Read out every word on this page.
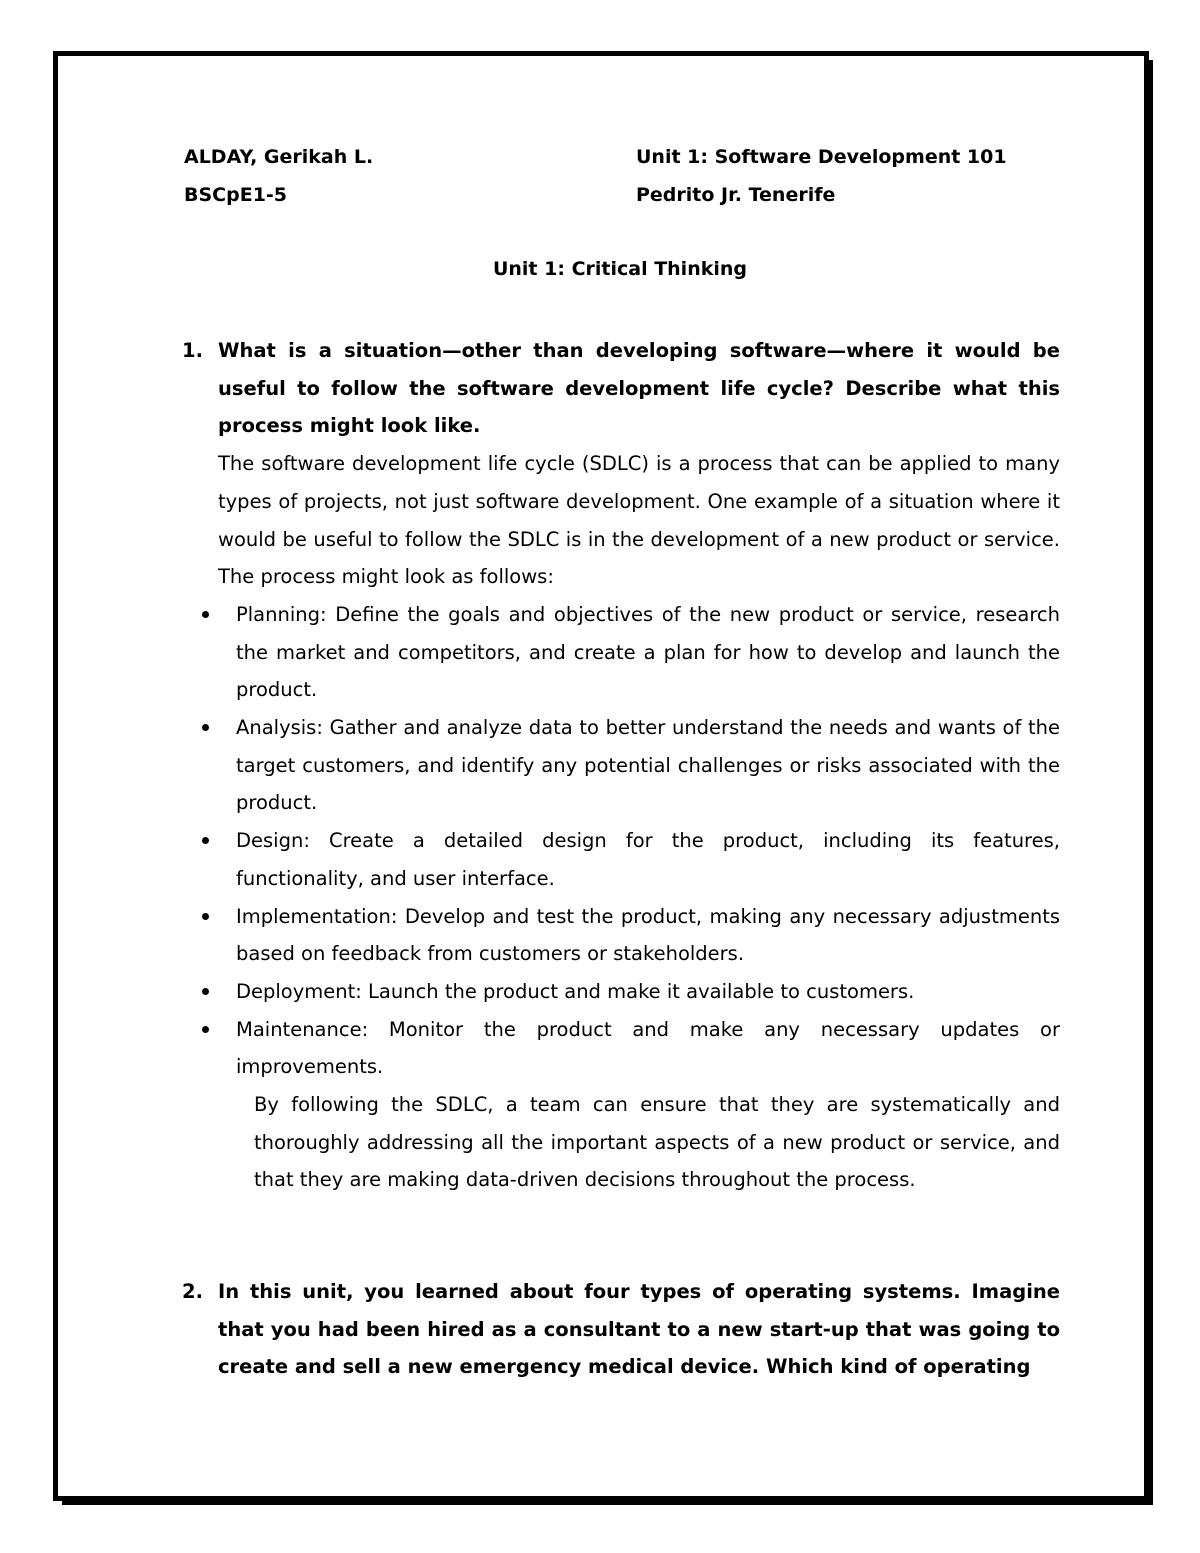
ALDAY, Gerikah L.
BSCpE1-5
Unit 1: Software Development 101
Pedrito Jr. Tenerife
Unit 1: Critical Thinking
1. What is a situation—other than developing software—where it would be useful to follow the software development life cycle? Describe what this process might look like.
The software development life cycle (SDLC) is a process that can be applied to many types of projects, not just software development. One example of a situation where it would be useful to follow the SDLC is in the development of a new product or service. The process might look as follows:
Planning: Define the goals and objectives of the new product or service, research the market and competitors, and create a plan for how to develop and launch the product.
Analysis: Gather and analyze data to better understand the needs and wants of the target customers, and identify any potential challenges or risks associated with the product.
Design: Create a detailed design for the product, including its features, functionality, and user interface.
Implementation: Develop and test the product, making any necessary adjustments based on feedback from customers or stakeholders.
Deployment: Launch the product and make it available to customers.
Maintenance: Monitor the product and make any necessary updates or improvements.
By following the SDLC, a team can ensure that they are systematically and thoroughly addressing all the important aspects of a new product or service, and that they are making data-driven decisions throughout the process.
2. In this unit, you learned about four types of operating systems. Imagine that you had been hired as a consultant to a new start-up that was going to create and sell a new emergency medical device. Which kind of operating
